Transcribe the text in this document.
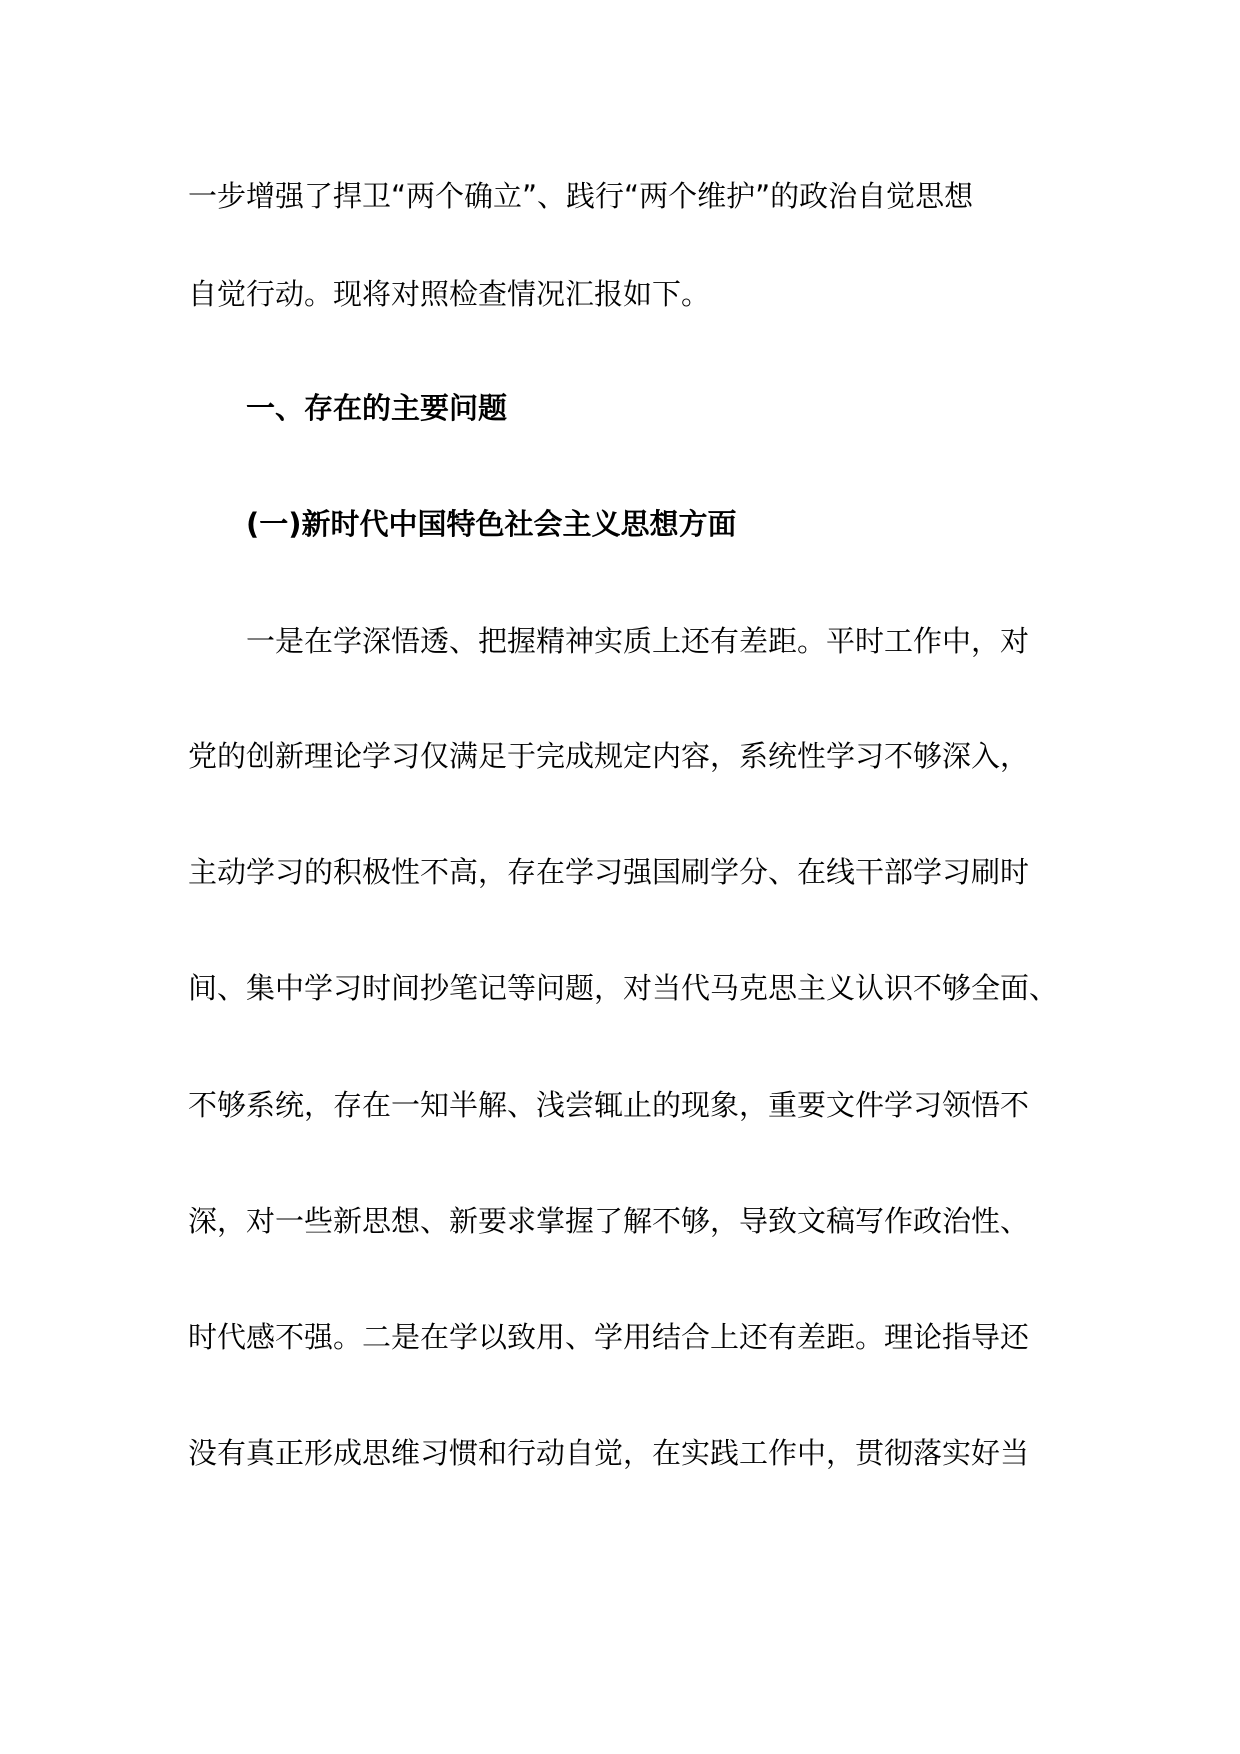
一步增强了捍卫“两个确立”、践行“两个维护”的政治自觉思想
自觉行动。现将对照检查情况汇报如下。
一、存在的主要问题
(一)新时代中国特色社会主义思想方面
一是在学深悟透、把握精神实质上还有差距。平时工作中，对
党的创新理论学习仅满足于完成规定内容，系统性学习不够深入，
主动学习的积极性不高，存在学习强国刷学分、在线干部学习刷时
间、集中学习时间抄笔记等问题，对当代马克思主义认识不够全面、
不够系统，存在一知半解、浅尝辄止的现象，重要文件学习领悟不
深，对一些新思想、新要求掌握了解不够，导致文稿写作政治性、
时代感不强。二是在学以致用、学用结合上还有差距。理论指导还
没有真正形成思维习惯和行动自觉，在实践工作中，贯彻落实好当
